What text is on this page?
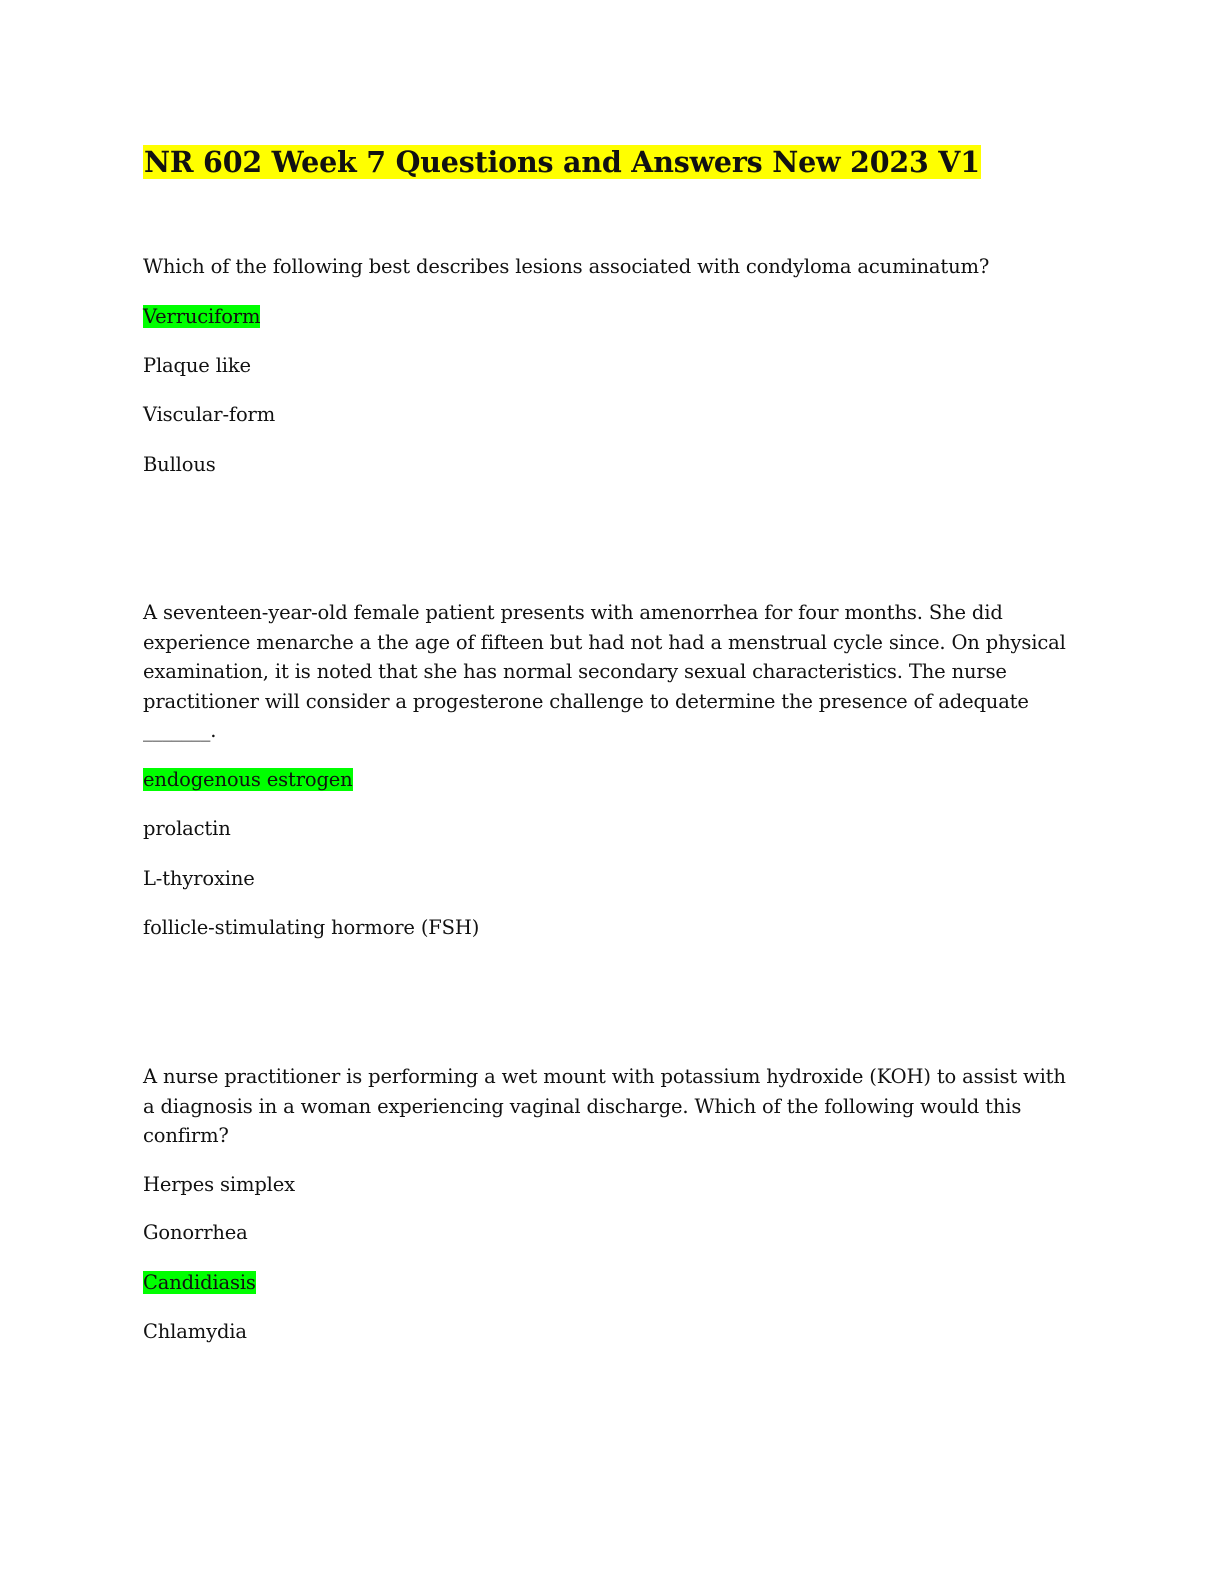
NR 602 Week 7 Questions and Answers New 2023 V1

Which of the following best describes lesions associated with condyloma acuminatum?

Verruciform

Plaque like

Viscular-form

Bullous

A seventeen-year-old female patient presents with amenorrhea for four months. She did experience menarche a the age of fifteen but had not had a menstrual cycle since. On physical examination, it is noted that she has normal secondary sexual characteristics. The nurse practitioner will consider a progesterone challenge to determine the presence of adequate _______.

endogenous estrogen

prolactin

L-thyroxine

follicle-stimulating hormore (FSH)

A nurse practitioner is performing a wet mount with potassium hydroxide (KOH) to assist with a diagnosis in a woman experiencing vaginal discharge. Which of the following would this confirm?

Herpes simplex

Gonorrhea

Candidiasis

Chlamydia
